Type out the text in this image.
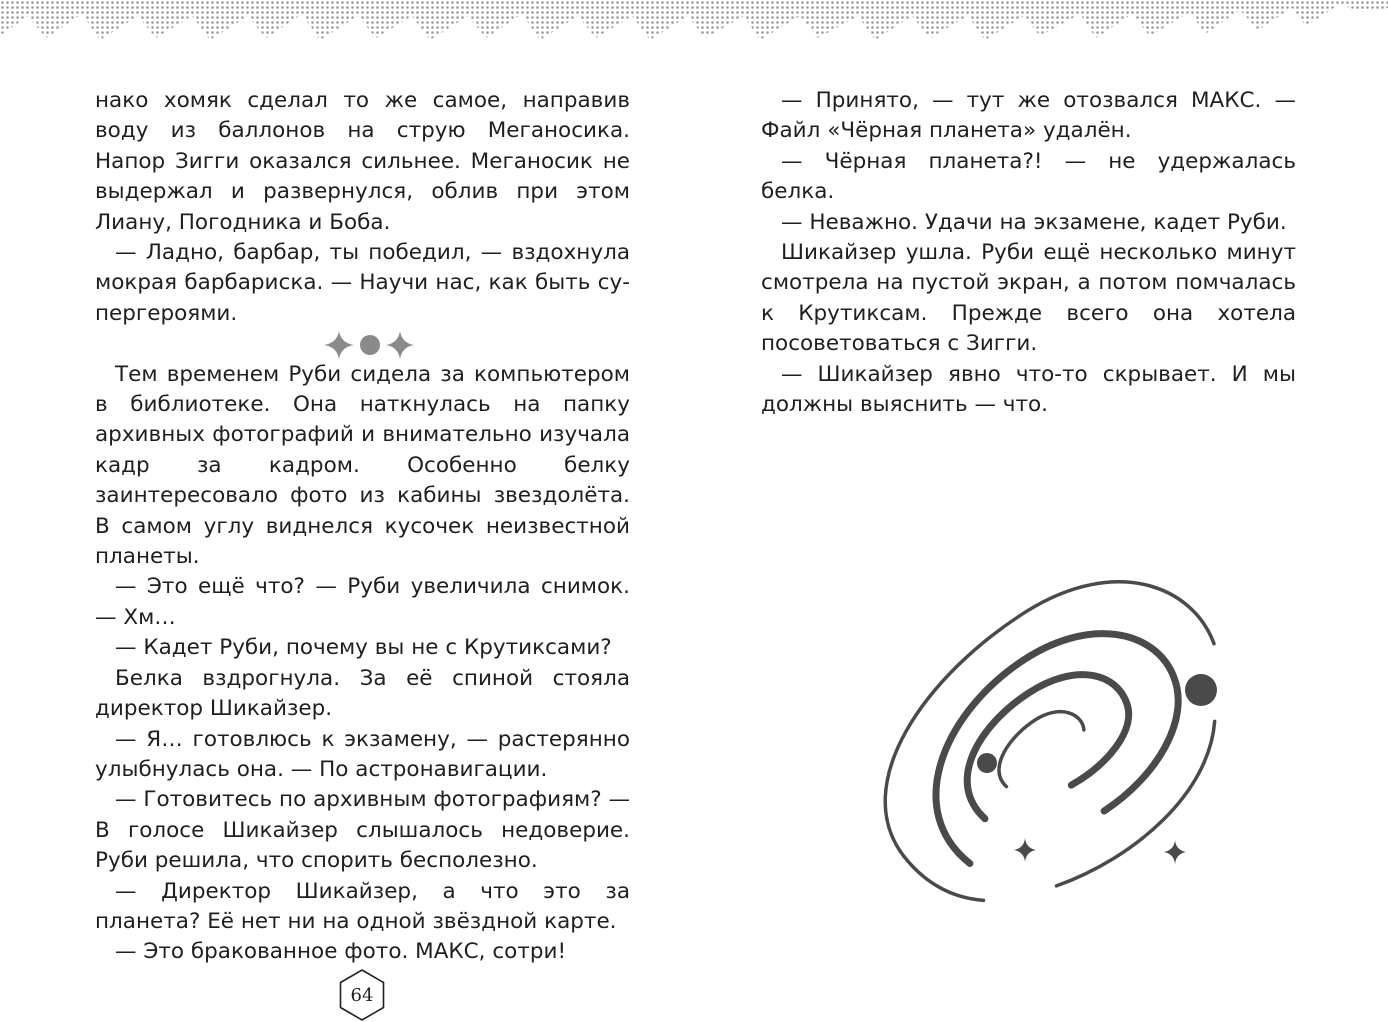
нако хомяк сделал то же самое, направив воду из баллонов на струю Меганосика. Напор Зигги оказался сильнее. Меганосик не выдержал и развернулся, облив при этом Лиану, Погодника и Боба.

— Ладно, барбар, ты победил, — вздохнула мокрая барбариска. — Научи нас, как быть супергероями.

Тем временем Руби сидела за компьютером в библиотеке. Она наткнулась на папку архивных фотографий и внимательно изучала кадр за кадром. Особенно белку заинтересовало фото из кабины звездолёта. В самом углу виднелся кусочек неизвестной планеты.

— Это ещё что? — Руби увеличила снимок. — Хм…

— Кадет Руби, почему вы не с Крутиксами?

Белка вздрогнула. За её спиной стояла директор Шикайзер.

— Я… готовлюсь к экзамену, — растерянно улыбнулась она. — По астронавигации.

— Готовитесь по архивным фотографиям? — В голосе Шикайзер слышалось недоверие. Руби решила, что спорить бесполезно.

— Директор Шикайзер, а что это за планета? Её нет ни на одной звёздной карте.

— Это бракованное фото. МАКС, сотри!

— Принято, — тут же отозвался МАКС. — Файл «Чёрная планета» удалён.

— Чёрная планета?! — не удержалась белка.

— Неважно. Удачи на экзамене, кадет Руби.

Шикайзер ушла. Руби ещё несколько минут смотрела на пустой экран, а потом помчалась к Крутиксам. Прежде всего она хотела посоветоваться с Зигги.

— Шикайзер явно что-то скрывает. И мы должны выяснить — что.

64
